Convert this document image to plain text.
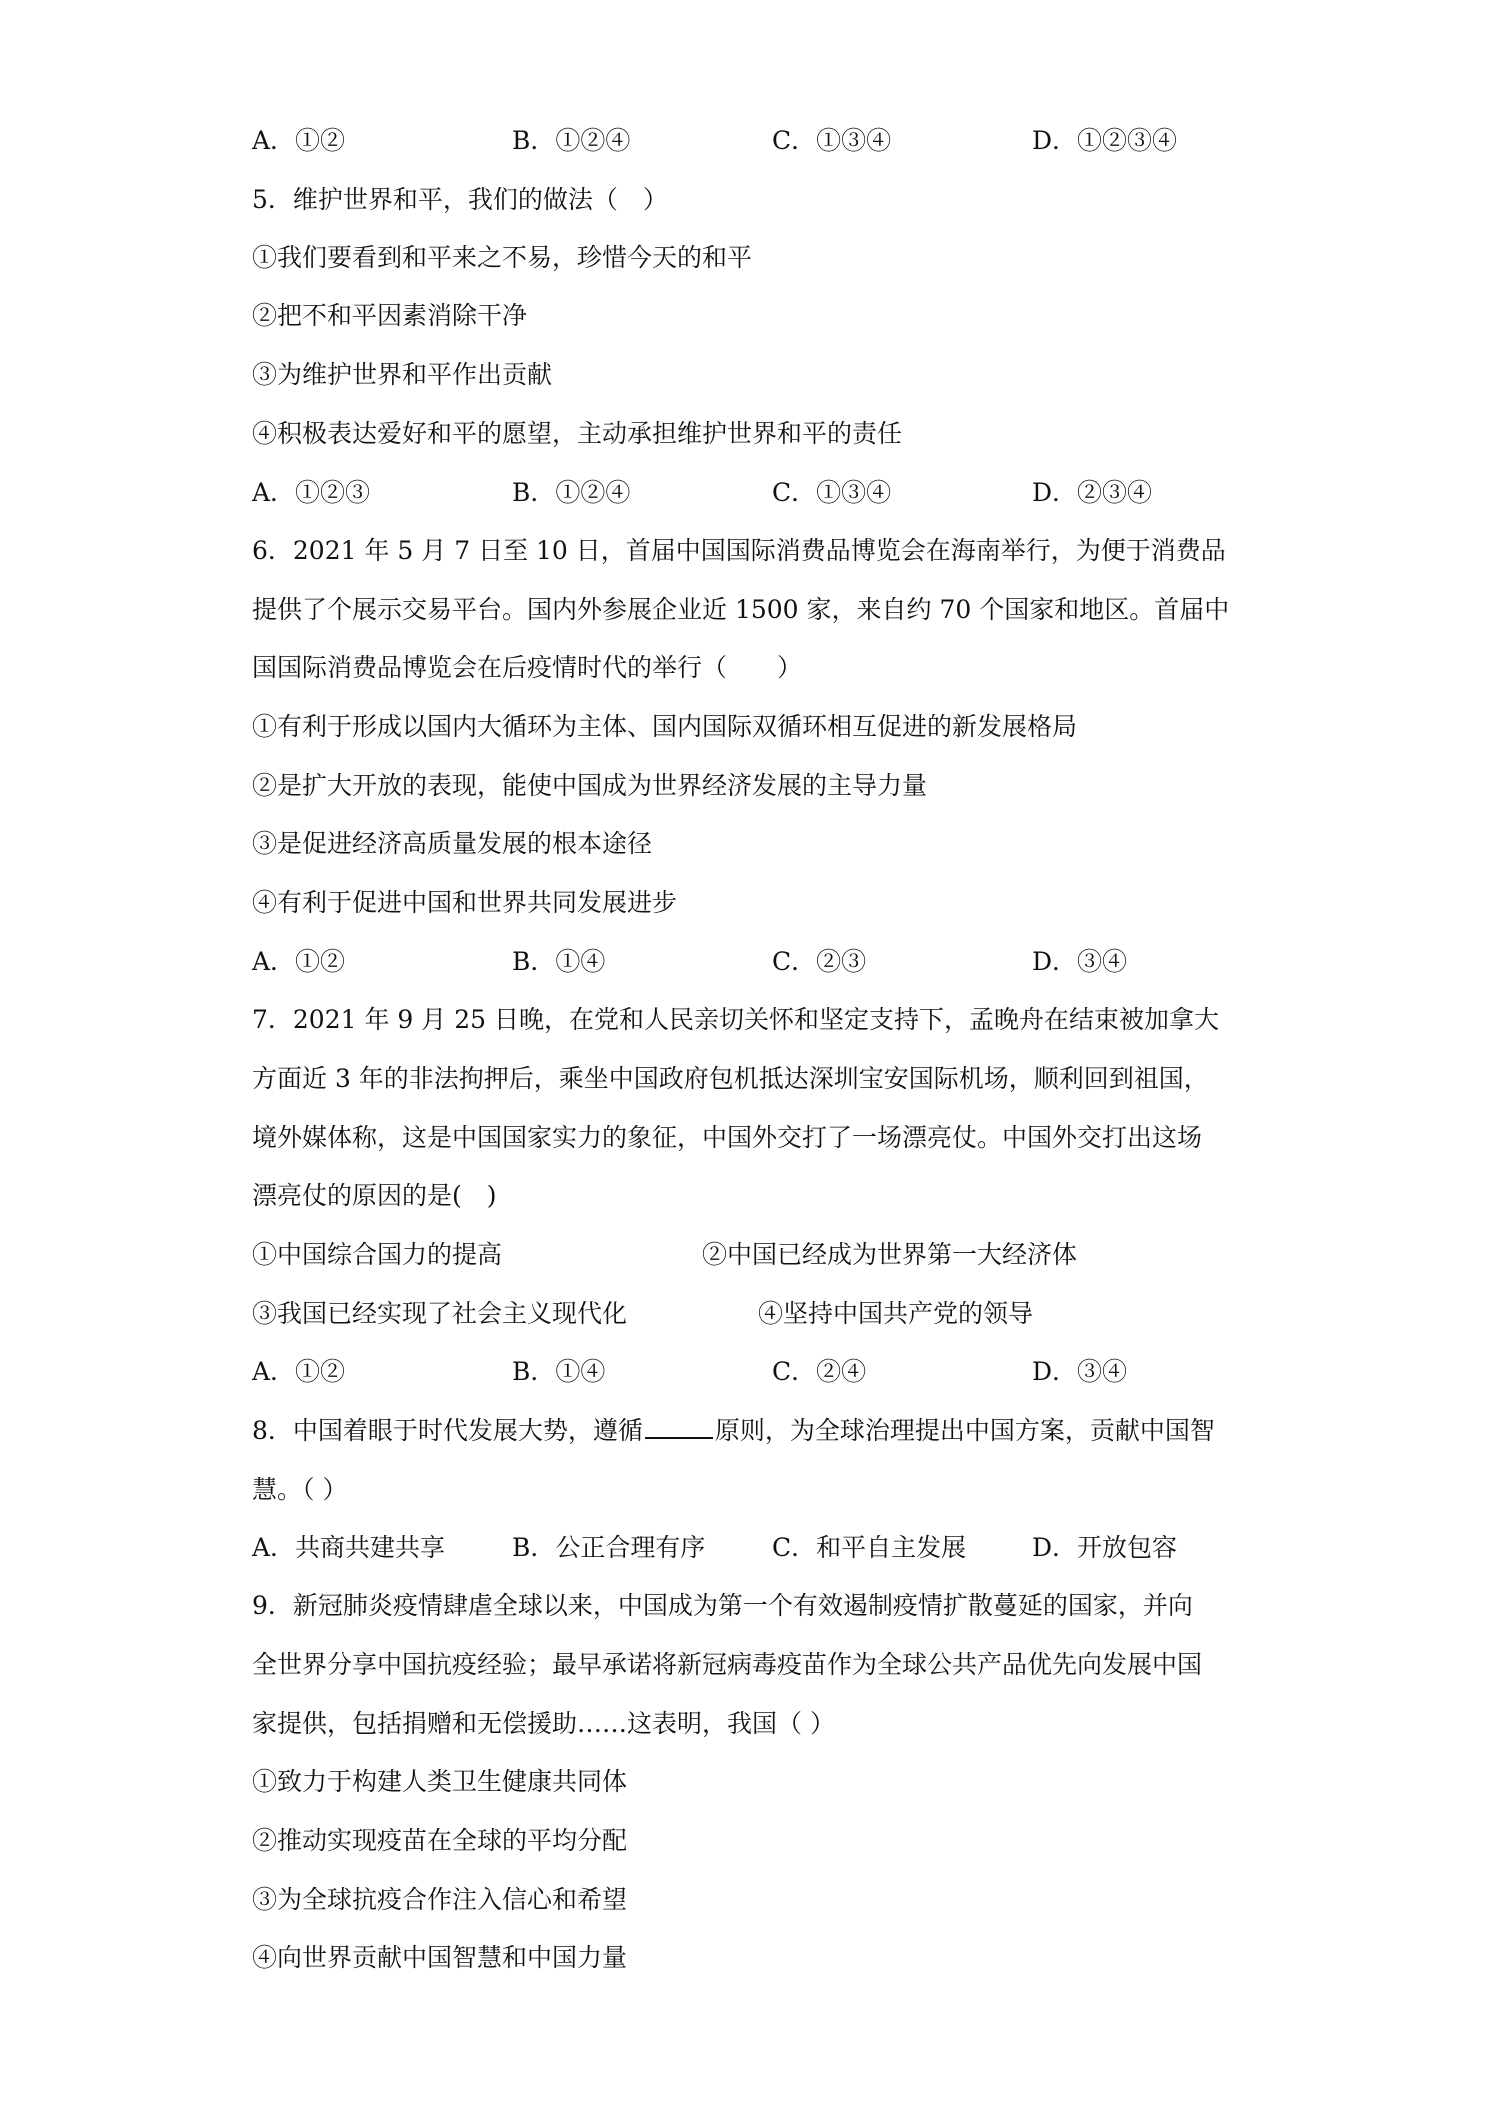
A．①②	B．①②④	C．①③④	D．①②③④
5．维护世界和平，我们的做法（　）
①我们要看到和平来之不易，珍惜今天的和平
②把不和平因素消除干净
③为维护世界和平作出贡献
④积极表达爱好和平的愿望，主动承担维护世界和平的责任
A．①②③	B．①②④	C．①③④	D．②③④
6．2021 年 5 月 7 日至 10 日，首届中国国际消费品博览会在海南举行，为便于消费品
提供了个展示交易平台。国内外参展企业近 1500 家，来自约 70 个国家和地区。首届中
国国际消费品博览会在后疫情时代的举行（　　）
①有利于形成以国内大循环为主体、国内国际双循环相互促进的新发展格局
②是扩大开放的表现，能使中国成为世界经济发展的主导力量
③是促进经济高质量发展的根本途径
④有利于促进中国和世界共同发展进步
A．①②	B．①④	C．②③	D．③④
7．2021 年 9 月 25 日晚，在党和人民亲切关怀和坚定支持下，孟晚舟在结束被加拿大
方面近 3 年的非法拘押后，乘坐中国政府包机抵达深圳宝安国际机场，顺利回到祖国，
境外媒体称，这是中国国家实力的象征，中国外交打了一场漂亮仗。中国外交打出这场
漂亮仗的原因的是(　)
①中国综合国力的提高	②中国已经成为世界第一大经济体
③我国已经实现了社会主义现代化	④坚持中国共产党的领导
A．①②	B．①④	C．②④	D．③④
8．中国着眼于时代发展大势，遵循	原则，为全球治理提出中国方案，贡献中国智
慧。（ ）
A．共商共建共享	B．公正合理有序	C．和平自主发展	D．开放包容
9．新冠肺炎疫情肆虐全球以来，中国成为第一个有效遏制疫情扩散蔓延的国家，并向
全世界分享中国抗疫经验；最早承诺将新冠病毒疫苗作为全球公共产品优先向发展中国
家提供，包括捐赠和无偿援助……这表明，我国（ ）
①致力于构建人类卫生健康共同体
②推动实现疫苗在全球的平均分配
③为全球抗疫合作注入信心和希望
④向世界贡献中国智慧和中国力量
